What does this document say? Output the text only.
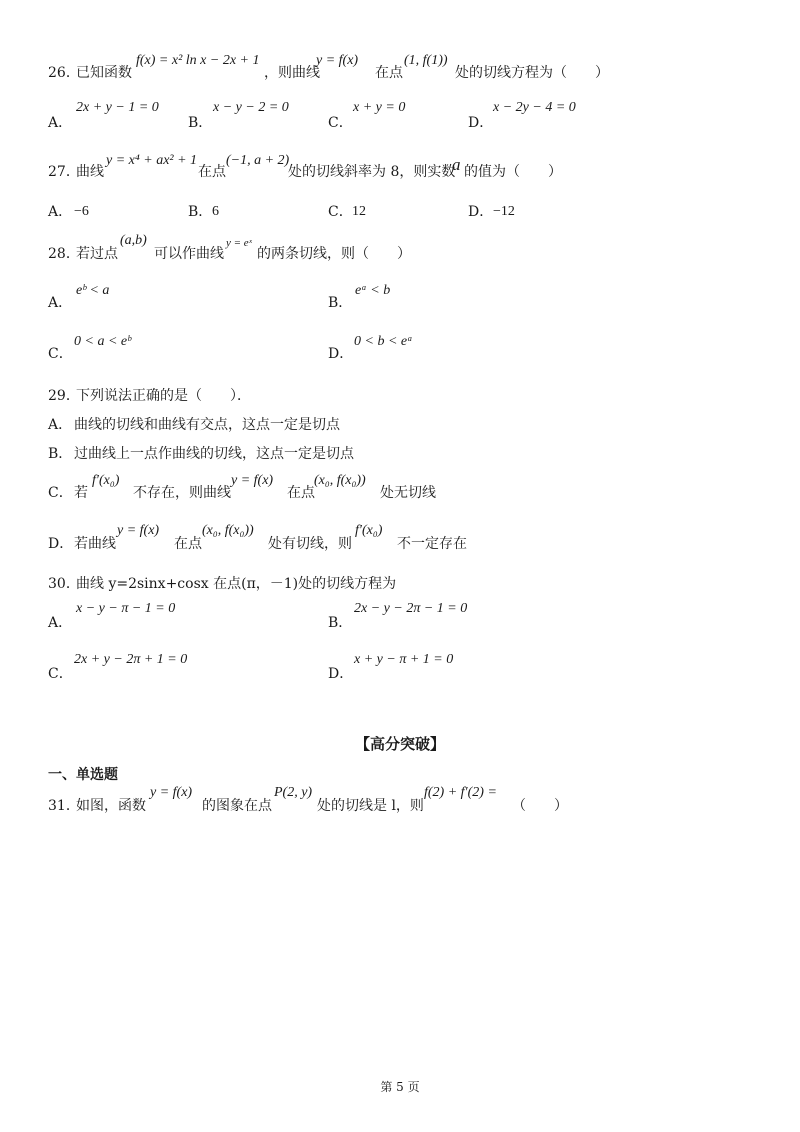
26．
已知函数
f(x) = x² ln x − 2x + 1
，则曲线
y = f(x)
在点
(1, f(1))
处的切线方程为（　　）
A．
2x + y − 1 = 0
B．
x − y − 2 = 0
C．
x + y = 0
D．
x − 2y − 4 = 0
27．
曲线
y = x⁴ + ax² + 1
在点
(−1, a + 2)
处的切线斜率为 8，则实数
a 的值为（　　）
A． −6	B． 6	C． 12	D． −12
28．
若过点
(a,b)
可以作曲线
y = eˣ
的两条切线，则（　　）
A．
eᵇ < a
B．
eᵃ < b
C．
0 < a < eᵇ
D．
0 < b < eᵃ
29．
下列说法正确的是（　　）．
A． 曲线的切线和曲线有交点，这点一定是切点
B． 过曲线上一点作曲线的切线，这点一定是切点
C． 若
f′(x₀)
不存在，则曲线
y = f(x)
在点
(x₀, f(x₀))
处无切线
D． 若曲线
y = f(x)
在点
(x₀, f(x₀))
处有切线，则
f′(x₀)
不一定存在
30．
曲线 y=2sinx+cosx 在点(π，－1)处的切线方程为
A．
x − y − π − 1 = 0
B．
2x − y − 2π − 1 = 0
C．
2x + y − 2π + 1 = 0
D．
x + y − π + 1 = 0
【高分突破】
一、单选题
31．
如图，函数
y = f(x)
的图象在点
P(2, y)
处的切线是 l，则
f(2) + f′(2) =
（　　）
第 5 页
